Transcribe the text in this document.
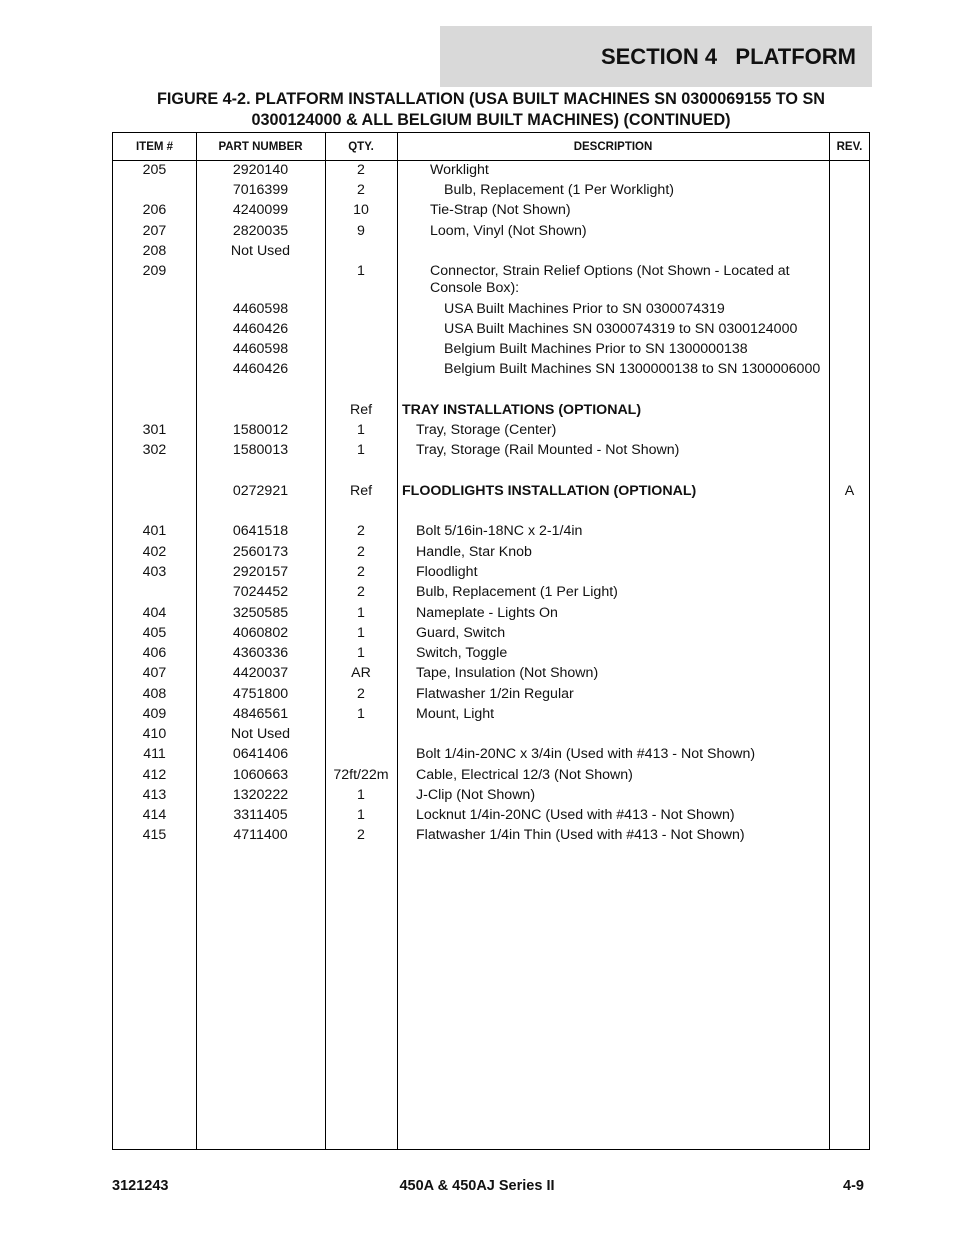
SECTION 4   PLATFORM
FIGURE 4-2. PLATFORM INSTALLATION (USA BUILT MACHINES SN 0300069155 TO SN
0300124000 & ALL BELGIUM BUILT MACHINES) (CONTINUED)
ITEM #	PART NUMBER	QTY.	DESCRIPTION	REV.
205	2920140	2	Worklight
7016399	2	Bulb, Replacement (1 Per Worklight)
206	4240099	10	Tie-Strap (Not Shown)
207	2820035	9	Loom, Vinyl (Not Shown)
208	Not Used
209	1	Connector, Strain Relief Options (Not Shown - Located at
Console Box):
4460598	USA Built Machines Prior to SN 0300074319
4460426	USA Built Machines SN 0300074319 to SN 0300124000
4460598	Belgium Built Machines Prior to SN 1300000138
4460426	Belgium Built Machines SN 1300000138 to SN 1300006000
Ref	TRAY INSTALLATIONS (OPTIONAL)
301	1580012	1	Tray, Storage (Center)
302	1580013	1	Tray, Storage (Rail Mounted - Not Shown)
0272921	Ref	FLOODLIGHTS INSTALLATION (OPTIONAL)	A
401	0641518	2	Bolt 5/16in-18NC x 2-1/4in
402	2560173	2	Handle, Star Knob
403	2920157	2	Floodlight
7024452	2	Bulb, Replacement (1 Per Light)
404	3250585	1	Nameplate - Lights On
405	4060802	1	Guard, Switch
406	4360336	1	Switch, Toggle
407	4420037	AR	Tape, Insulation (Not Shown)
408	4751800	2	Flatwasher 1/2in Regular
409	4846561	1	Mount, Light
410	Not Used
411	0641406	Bolt 1/4in-20NC x 3/4in (Used with #413 - Not Shown)
412	1060663	72ft/22m	Cable, Electrical 12/3 (Not Shown)
413	1320222	1	J-Clip (Not Shown)
414	3311405	1	Locknut 1/4in-20NC (Used with #413 - Not Shown)
415	4711400	2	Flatwasher 1/4in Thin (Used with #413 - Not Shown)
3121243	450A & 450AJ Series II	4-9
